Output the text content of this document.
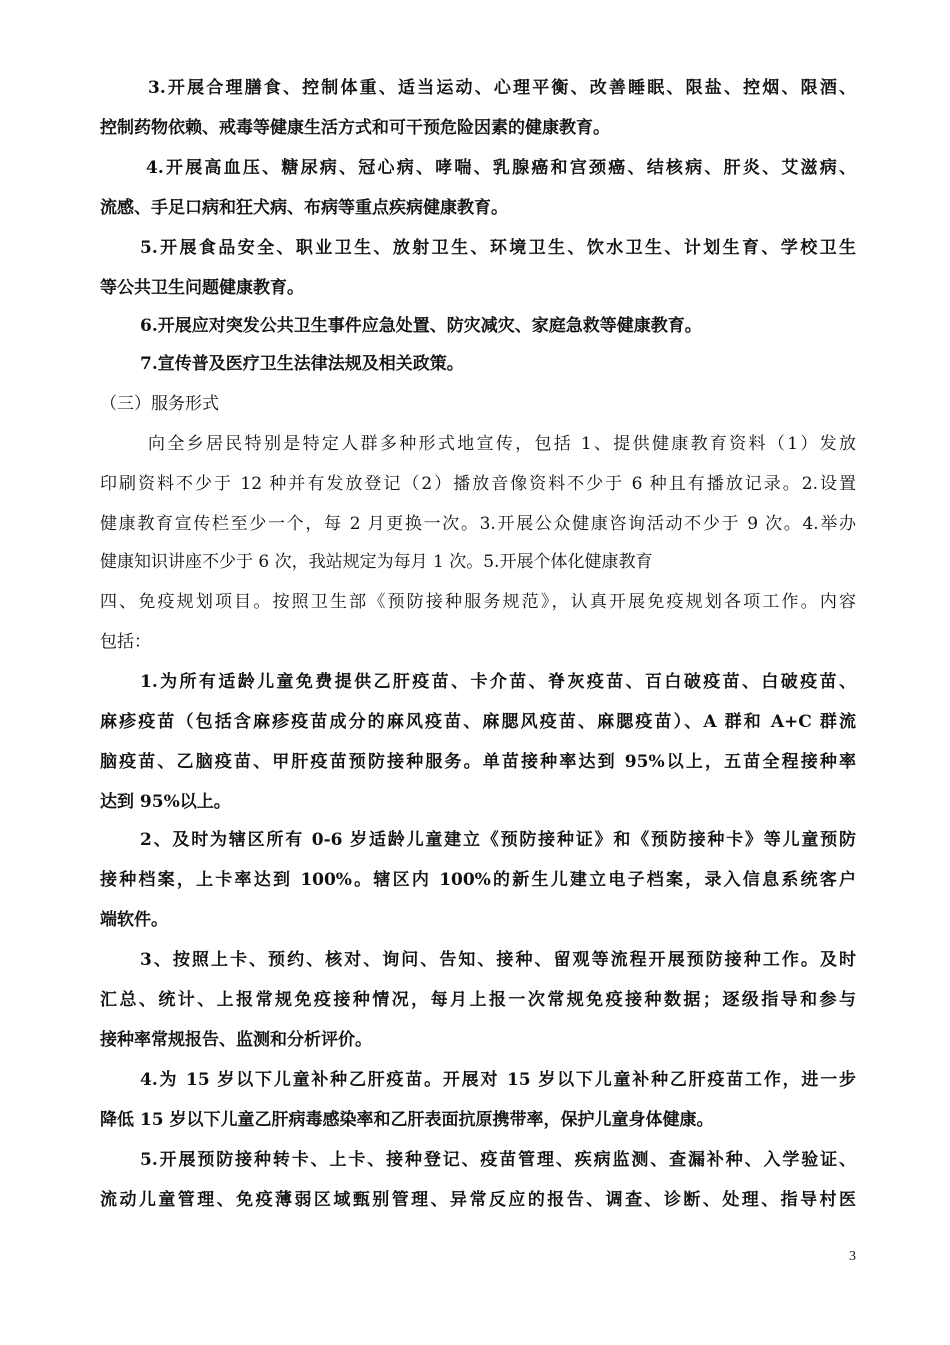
3.开展合理膳食、控制体重、适当运动、心理平衡、改善睡眠、限盐、控烟、限酒、
控制药物依赖、戒毒等健康生活方式和可干预危险因素的健康教育。
4.开展高血压、糖尿病、冠心病、哮喘、乳腺癌和宫颈癌、结核病、肝炎、艾滋病、
流感、手足口病和狂犬病、布病等重点疾病健康教育。
5.开展食品安全、职业卫生、放射卫生、环境卫生、饮水卫生、计划生育、学校卫生
等公共卫生问题健康教育。
6.开展应对突发公共卫生事件应急处置、防灾减灾、家庭急救等健康教育。
7.宣传普及医疗卫生法律法规及相关政策。
（三）服务形式
向全乡居民特别是特定人群多种形式地宣传，包括 1、提供健康教育资料（1）发放
印刷资料不少于 12 种并有发放登记（2）播放音像资料不少于 6 种且有播放记录。2.设置
健康教育宣传栏至少一个，每 2 月更换一次。3.开展公众健康咨询活动不少于 9 次。4.举办
健康知识讲座不少于 6 次，我站规定为每月 1 次。5.开展个体化健康教育
四、免疫规划项目。按照卫生部《预防接种服务规范》，认真开展免疫规划各项工作。内容
包括：
1.为所有适龄儿童免费提供乙肝疫苗、卡介苗、脊灰疫苗、百白破疫苗、白破疫苗、
麻疹疫苗（包括含麻疹疫苗成分的麻风疫苗、麻腮风疫苗、麻腮疫苗）、A 群和 A+C 群流
脑疫苗、乙脑疫苗、甲肝疫苗预防接种服务。单苗接种率达到 95%以上，五苗全程接种率
达到 95%以上。
2、及时为辖区所有 0-6 岁适龄儿童建立《预防接种证》和《预防接种卡》等儿童预防
接种档案，上卡率达到 100%。辖区内 100%的新生儿建立电子档案，录入信息系统客户
端软件。
3、按照上卡、预约、核对、询问、告知、接种、留观等流程开展预防接种工作。及时
汇总、统计、上报常规免疫接种情况，每月上报一次常规免疫接种数据；逐级指导和参与
接种率常规报告、监测和分析评价。
4.为 15 岁以下儿童补种乙肝疫苗。开展对 15 岁以下儿童补种乙肝疫苗工作，进一步
降低 15 岁以下儿童乙肝病毒感染率和乙肝表面抗原携带率，保护儿童身体健康。
5.开展预防接种转卡、上卡、接种登记、疫苗管理、疾病监测、查漏补种、入学验证、
流动儿童管理、免疫薄弱区域甄别管理、异常反应的报告、调查、诊断、处理、指导村医
3
